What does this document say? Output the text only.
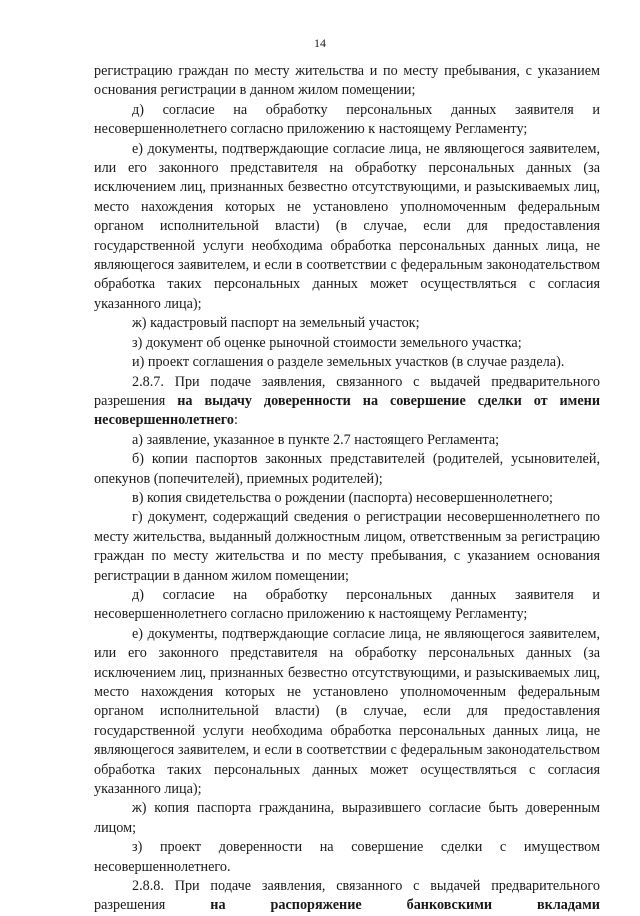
14

регистрацию граждан по месту жительства и по месту пребывания, с указанием основания регистрации в данном жилом помещении;

д) согласие на обработку персональных данных заявителя и несовершеннолетнего согласно приложению к настоящему Регламенту;

е) документы, подтверждающие согласие лица, не являющегося заявителем, или его законного представителя на обработку персональных данных (за исключением лиц, признанных безвестно отсутствующими, и разыскиваемых лиц, место нахождения которых не установлено уполномоченным федеральным органом исполнительной власти) (в случае, если для предоставления государственной услуги необходима обработка персональных данных лица, не являющегося заявителем, и если в соответствии с федеральным законодательством обработка таких персональных данных может осуществляться с согласия указанного лица);

ж) кадастровый паспорт на земельный участок;

з) документ об оценке рыночной стоимости земельного участка;

и) проект соглашения о разделе земельных участков (в случае раздела).

2.8.7. При подаче заявления, связанного с выдачей предварительного разрешения на выдачу доверенности на совершение сделки от имени несовершеннолетнего:

а) заявление, указанное в пункте 2.7 настоящего Регламента;

б) копии паспортов законных представителей (родителей, усыновителей, опекунов (попечителей), приемных родителей);

в) копия свидетельства о рождении (паспорта) несовершеннолетнего;

г) документ, содержащий сведения о регистрации несовершеннолетнего по месту жительства, выданный должностным лицом, ответственным за регистрацию граждан по месту жительства и по месту пребывания, с указанием основания регистрации в данном жилом помещении;

д) согласие на обработку персональных данных заявителя и несовершеннолетнего согласно приложению к настоящему Регламенту;

е) документы, подтверждающие согласие лица, не являющегося заявителем, или его законного представителя на обработку персональных данных (за исключением лиц, признанных безвестно отсутствующими, и разыскиваемых лиц, место нахождения которых не установлено уполномоченным федеральным органом исполнительной власти) (в случае, если для предоставления государственной услуги необходима обработка персональных данных лица, не являющегося заявителем, и если в соответствии с федеральным законодательством обработка таких персональных данных может осуществляться с согласия указанного лица);

ж) копия паспорта гражданина, выразившего согласие быть доверенным лицом;

з) проект доверенности на совершение сделки с имуществом несовершеннолетнего.

2.8.8. При подаче заявления, связанного с выдачей предварительного разрешения на распоряжение банковскими вкладами
